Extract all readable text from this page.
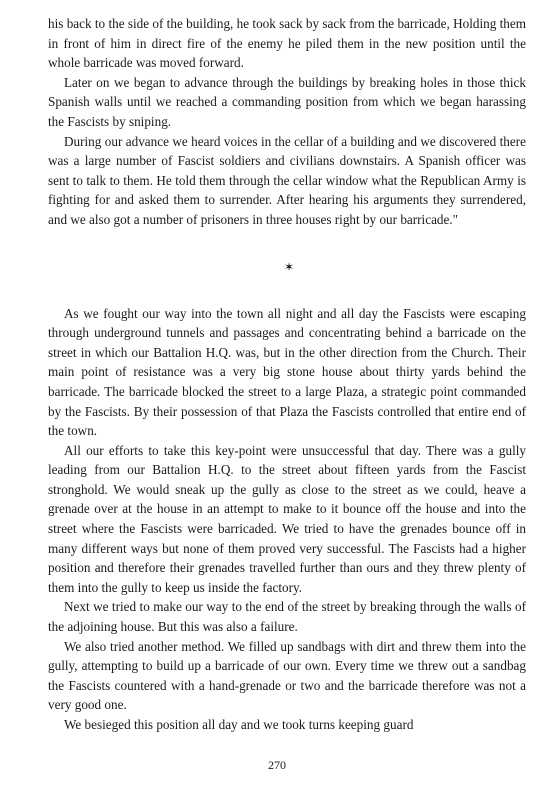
his back to the side of the building, he took sack by sack from the barricade, Holding them in front of him in direct fire of the enemy he piled them in the new position until the whole barricade was moved forward.

Later on we began to advance through the buildings by breaking holes in those thick Spanish walls until we reached a commanding position from which we began harassing the Fascists by sniping.

During our advance we heard voices in the cellar of a building and we discovered there was a large number of Fascist soldiers and civilians downstairs. A Spanish officer was sent to talk to them. He told them through the cellar window what the Republican Army is fighting for and asked them to surrender. After hearing his arguments they surrendered, and we also got a number of prisoners in three houses right by our barricade."

✶

As we fought our way into the town all night and all day the Fascists were escaping through underground tunnels and passages and concentrating behind a barricade on the street in which our Battalion H.Q. was, but in the other direction from the Church. Their main point of resistance was a very big stone house about thirty yards behind the barricade. The barricade blocked the street to a large Plaza, a strategic point commanded by the Fascists. By their possession of that Plaza the Fascists controlled that entire end of the town.

All our efforts to take this key-point were unsuccessful that day. There was a gully leading from our Battalion H.Q. to the street about fifteen yards from the Fascist stronghold. We would sneak up the gully as close to the street as we could, heave a grenade over at the house in an attempt to make to it bounce off the house and into the street where the Fascists were barricaded. We tried to have the grenades bounce off in many different ways but none of them proved very successful. The Fascists had a higher position and therefore their grenades travelled further than ours and they threw plenty of them into the gully to keep us inside the factory.

Next we tried to make our way to the end of the street by breaking through the walls of the adjoining house. But this was also a failure.

We also tried another method. We filled up sandbags with dirt and threw them into the gully, attempting to build up a barricade of our own. Every time we threw out a sandbag the Fascists countered with a hand-grenade or two and the barricade therefore was not a very good one.

We besieged this position all day and we took turns keeping guard

270
